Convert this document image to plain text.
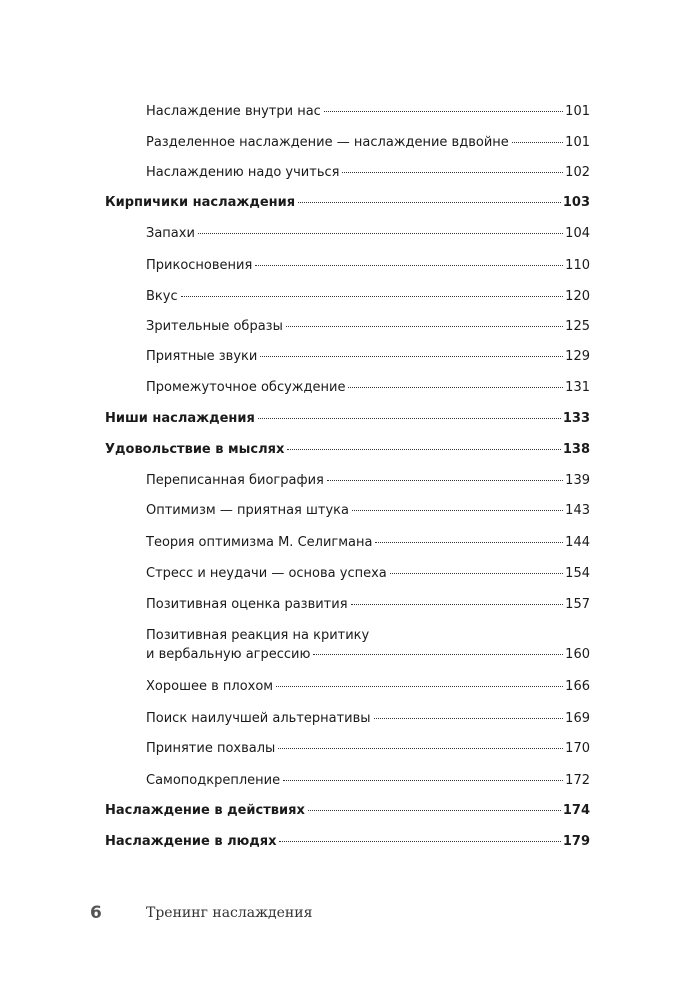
Наслаждение внутри нас	101
Разделенное наслаждение — наслаждение вдвойне	101
Наслаждению надо учиться	102
Кирпичики наслаждения	103
Запахи	104
Прикосновения	110
Вкус	120
Зрительные образы	125
Приятные звуки	129
Промежуточное обсуждение	131
Ниши наслаждения	133
Удовольствие в мыслях	138
Переписанная биография	139
Оптимизм — приятная штука	143
Теория оптимизма М. Селигмана	144
Стресс и неудачи — основа успеха	154
Позитивная оценка развития	157
Позитивная реакция на критику
и вербальную агрессию	160
Хорошее в плохом	166
Поиск наилучшей альтернативы	169
Принятие похвалы	170
Самоподкрепление	172
Наслаждение в действиях	174
Наслаждение в людях	179
6	Тренинг наслаждения
